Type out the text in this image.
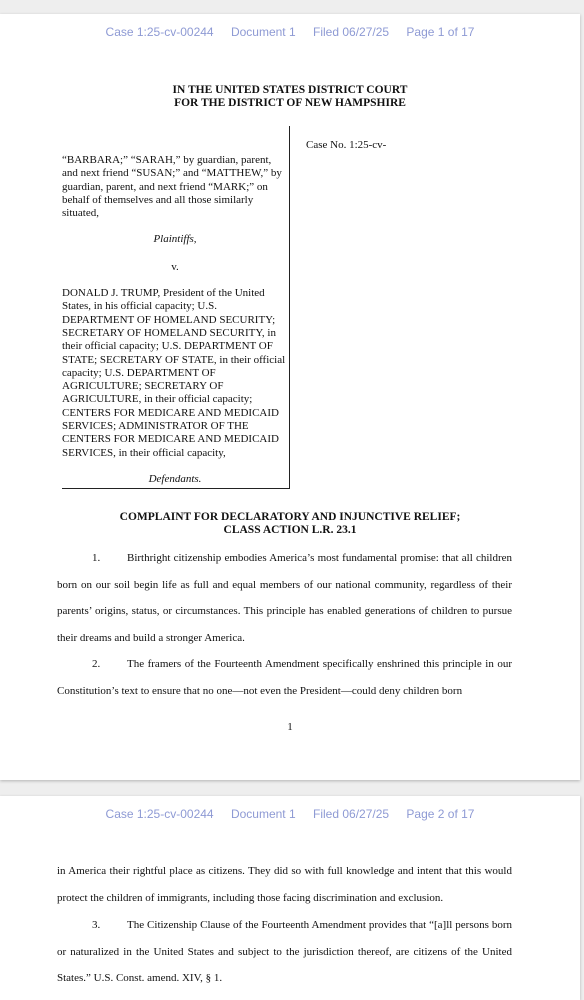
Case 1:25-cv-00244 Document 1 Filed 06/27/25 Page 1 of 17
IN THE UNITED STATES DISTRICT COURT
FOR THE DISTRICT OF NEW HAMPSHIRE

“BARBARA;” “SARAH,” by guardian, parent, and next friend “SUSAN;” and “MATTHEW,” by guardian, parent, and next friend “MARK;” on behalf of themselves and all those similarly situated,

Plaintiffs,

v.

DONALD J. TRUMP, President of the United States, in his official capacity; U.S. DEPARTMENT OF HOMELAND SECURITY; SECRETARY OF HOMELAND SECURITY, in their official capacity; U.S. DEPARTMENT OF STATE; SECRETARY OF STATE, in their official capacity; U.S. DEPARTMENT OF AGRICULTURE; SECRETARY OF AGRICULTURE, in their official capacity; CENTERS FOR MEDICARE AND MEDICAID SERVICES; ADMINISTRATOR OF THE CENTERS FOR MEDICARE AND MEDICAID SERVICES, in their official capacity,

Defendants.

Case No. 1:25-cv-
COMPLAINT FOR DECLARATORY AND INJUNCTIVE RELIEF;
CLASS ACTION L.R. 23.1

1. Birthright citizenship embodies America’s most fundamental promise: that all children born on our soil begin life as full and equal members of our national community, regardless of their parents’ origins, status, or circumstances. This principle has enabled generations of children to pursue their dreams and build a stronger America.

2. The framers of the Fourteenth Amendment specifically enshrined this principle in our Constitution’s text to ensure that no one—not even the President—could deny children born

1
Case 1:25-cv-00244 Document 1 Filed 06/27/25 Page 2 of 17

in America their rightful place as citizens. They did so with full knowledge and intent that this would protect the children of immigrants, including those facing discrimination and exclusion.

3. The Citizenship Clause of the Fourteenth Amendment provides that “[a]ll persons born or naturalized in the United States and subject to the jurisdiction thereof, are citizens of the United States.” U.S. Const. amend. XIV, § 1.
